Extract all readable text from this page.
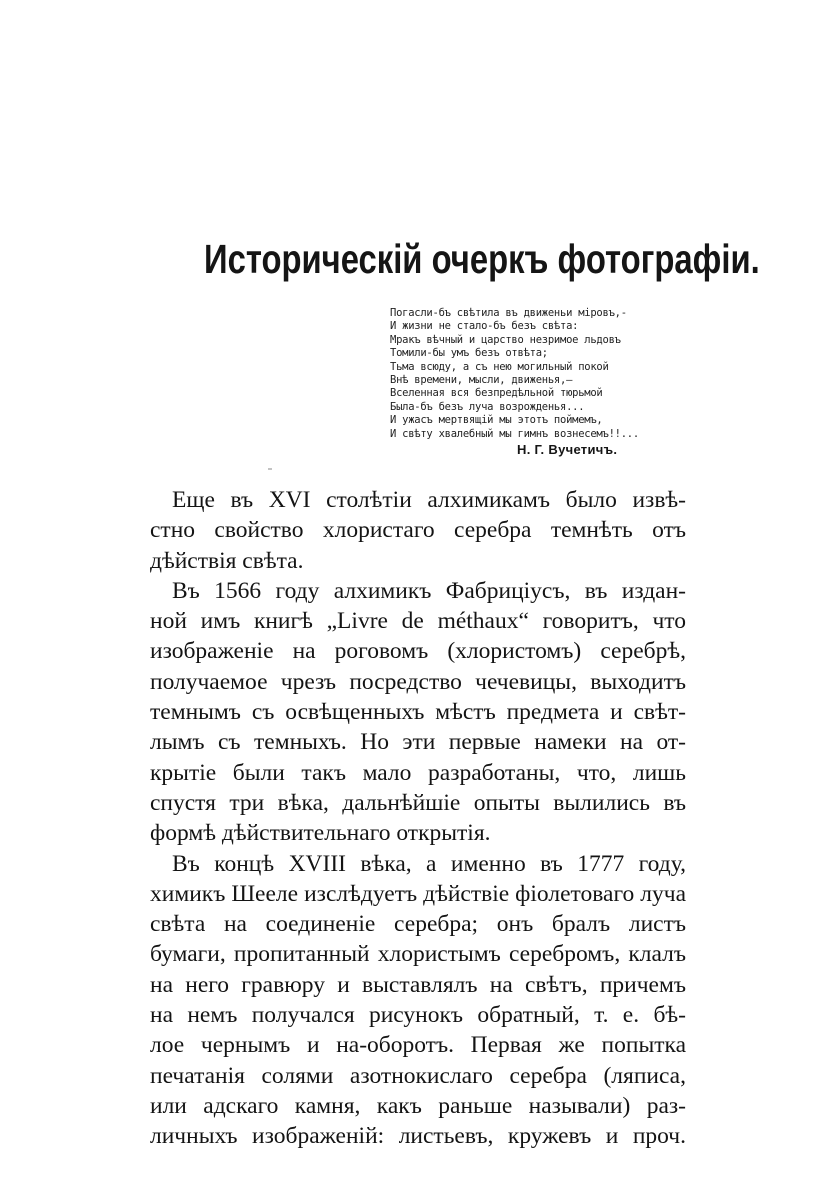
Историческій очеркъ фотографіи.
Погасли-бъ свѣтила въ движеньи міровъ,-
И жизни не стало-бъ безъ свѣта:
Мракъ вѣчный и царство незримое льдовъ
Томили-бы умъ безъ отвѣта;
Тьма всюду, а съ нею могильный покой
Внѣ времени, мысли, движенья,—
Вселенная вся безпредѣльной тюрьмой
Была-бъ безъ луча возрожденья...
И ужасъ мертвящій мы этотъ поймемъ,
И свѣту хвалебный мы гимнъ вознесемъ!!...
Н. Г. Вучетичъ.
Еще въ XVI столѣтіи алхимикамъ было извѣ-
стно свойство хлористаго серебра темнѣть отъ
дѣйствія свѣта.
Въ 1566 году алхимикъ Фабриціусъ, въ издан-
ной имъ книгѣ „Livre de méthaux“ говоритъ, что
изображеніе на роговомъ (хлористомъ) серебрѣ,
получаемое чрезъ посредство чечевицы, выходитъ
темнымъ съ освѣщенныхъ мѣстъ предмета и свѣт-
лымъ съ темныхъ. Но эти первые намеки на от-
крытіе были такъ мало разработаны, что, лишь
спустя три вѣка, дальнѣйшіе опыты вылились въ
формѣ дѣйствительнаго открытія.
Въ концѣ XVIII вѣка, а именно въ 1777 году,
химикъ Шееле изслѣдуетъ дѣйствіе фіолетоваго луча
свѣта на соединеніе серебра; онъ бралъ листъ
бумаги, пропитанный хлористымъ серебромъ, клалъ
на него гравюру и выставлялъ на свѣтъ, причемъ
на немъ получался рисунокъ обратный, т. е. бѣ-
лое чернымъ и на-оборотъ. Первая же попытка
печатанія солями азотнокислаго серебра (ляписа,
или адскаго камня, какъ раньше называли) раз-
личныхъ изображеній: листьевъ, кружевъ и проч.
